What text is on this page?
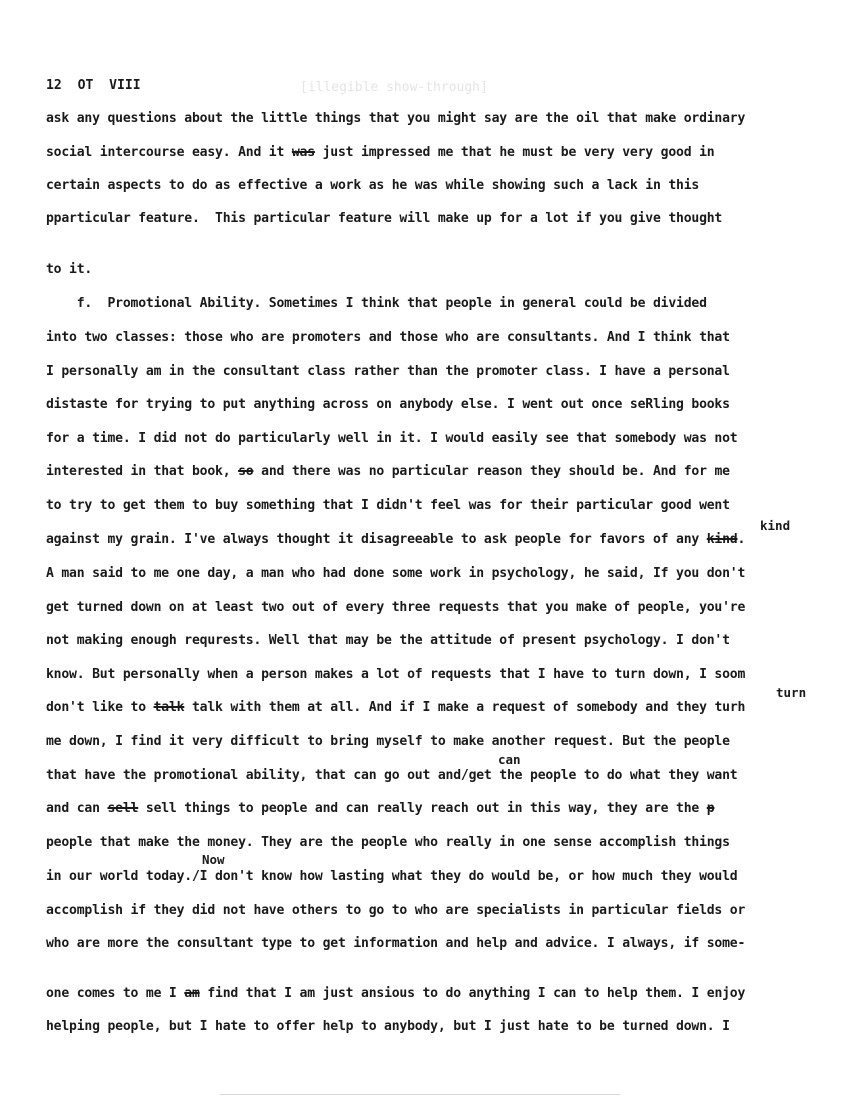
[illegible show-through]
12 OT VIII
ask any questions about the little things that you might say are the oil that make ordinary
social intercourse easy. And it was just impressed me that he must be very very good in
certain aspects to do as effective a work as he was while showing such a lack in this
pparticular feature.  This particular feature will make up for a lot if you give thought
to it.
f.  Promotional Ability. Sometimes I think that people in general could be divided
into two classes: those who are promoters and those who are consultants. And I think that
I personally am in the consultant class rather than the promoter class. I have a personal
distaste for trying to put anything across on anybody else. I went out once seRling books
for a time. I did not do particularly well in it. I would easily see that somebody was not
interested in that book, so and there was no particular reason they should be. And for me
to try to get them to buy something that I didn't feel was for their particular good went
against my grain. I've always thought it disagreeable to ask people for favors of any kind.
A man said to me one day, a man who had done some work in psychology, he said, If you don't
get turned down on at least two out of every three requests that you make of people, you're
not making enough requrests. Well that may be the attitude of present psychology. I don't
know. But personally when a person makes a lot of requests that I have to turn down, I soom
don't like to talk talk with them at all. And if I make a request of somebody and they turh
me down, I find it very difficult to bring myself to make another request. But the people
that have the promotional ability, that can go out and/get the people to do what they want
and can sell sell things to people and can really reach out in this way, they are the p
people that make the money. They are the people who really in one sense accomplish things
in our world today./I don't know how lasting what they do would be, or how much they would
accomplish if they did not have others to go to who are specialists in particular fields or
who are more the consultant type to get information and help and advice. I always, if some-
one comes to me I am find that I am just ansious to do anything I can to help them. I enjoy
helping people, but I hate to offer help to anybody, but I just hate to be turned down. I
kind
turn
can
Now
